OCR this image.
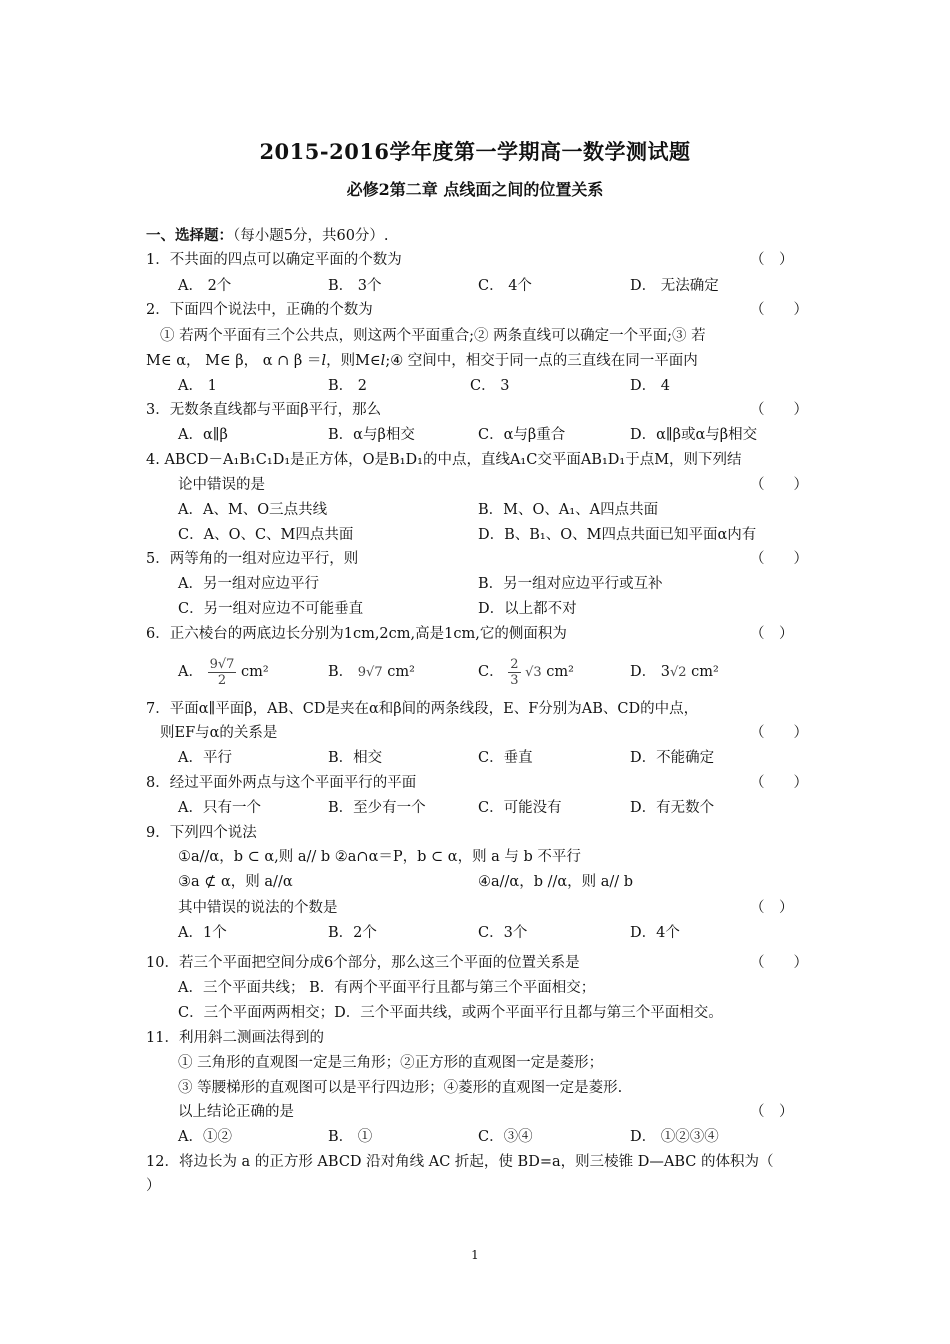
2015-2016学年度第一学期高一数学测试题
必修2第二章 点线面之间的位置关系
一、选择题：（每小题5分，共60分）.
1．不共面的四点可以确定平面的个数为	（　）
A． 2个	B． 3个	C． 4个	D． 无法确定
2．下面四个说法中，正确的个数为	（　　）
① 若两个平面有三个公共点，则这两个平面重合;② 两条直线可以确定一个平面;③ 若
M∈ α， M∈ β， α ∩ β ＝l，则M∈l;④ 空间中，相交于同一点的三直线在同一平面内
A． 1	B． 2	C． 3	D． 4
3．无数条直线都与平面β平行，那么	（　　）
A．α∥β	B．α与β相交	C．α与β重合	D．α∥β或α与β相交
4. ABCD－A₁B₁C₁D₁是正方体，O是B₁D₁的中点，直线A₁C交平面AB₁D₁于点M，则下列结
论中错误的是	（　　）
A．A、M、O三点共线	B．M、O、A₁、A四点共面
C．A、O、C、M四点共面	D．B、B₁、O、M四点共面已知平面α内有
5．两等角的一组对应边平行，则	（　　）
A．另一组对应边平行	B．另一组对应边平行或互补
C．另一组对应边不可能垂直	D．以上都不对
6．正六棱台的两底边长分别为1cm,2cm,高是1cm,它的侧面积为	（　）
A． $\frac{9√7}{2} cm^2$	B． 9√7 cm²	C． $\frac{2}{3} √3$ cm²	D． 3√2 cm²
7．平面α∥平面β，AB、CD是夹在α和β间的两条线段，E、F分别为AB、CD的中点，
则EF与α的关系是	（　　）
A．平行	B．相交	C．垂直	D．不能确定
8．经过平面外两点与这个平面平行的平面	（　　）
A．只有一个	B．至少有一个	C．可能没有	D．有无数个
9．下列四个说法
①a//α，b ⊂ α,则 a// b ②a∩α＝P，b ⊂ α，则 a 与 b 不平行
③a ⊄ α，则 a//α	④a//α，b //α，则 a// b
其中错误的说法的个数是	（　）
A．1个	B．2个	C．3个	D．4个
10．若三个平面把空间分成6个部分，那么这三个平面的位置关系是	（　　）
A．三个平面共线； B．有两个平面平行且都与第三个平面相交；
C．三个平面两两相交；D．三个平面共线，或两个平面平行且都与第三个平面相交。
11．利用斜二测画法得到的
① 三角形的直观图一定是三角形；②正方形的直观图一定是菱形；
③ 等腰梯形的直观图可以是平行四边形；④菱形的直观图一定是菱形.
以上结论正确的是	（　）
A．①②	B． ①	C．③④	D． ①②③④
12．将边长为 a 的正方形 ABCD 沿对角线 AC 折起，使 BD=a，则三棱锥 D—ABC 的体积为（
）
1
